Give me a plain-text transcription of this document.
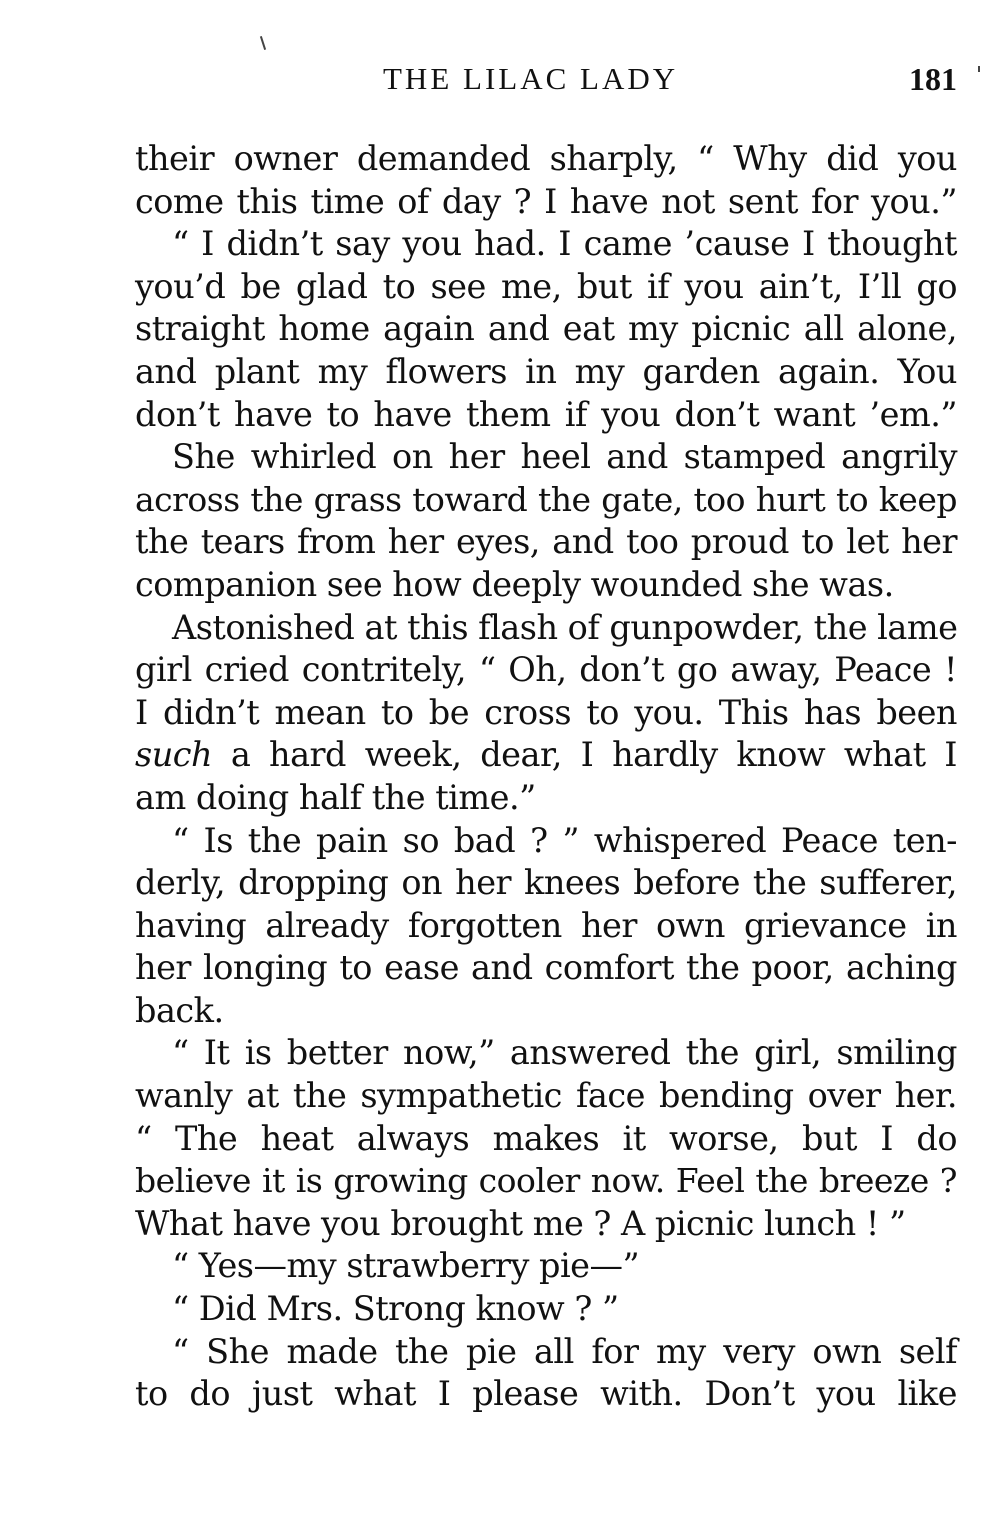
THE LILAC LADY	181
their owner demanded sharply, “ Why did you
come this time of day ? I have not sent for you.”
“ I didn’t say you had. I came ’cause I thought
you’d be glad to see me, but if you ain’t, I’ll go
straight home again and eat my picnic all alone,
and plant my flowers in my garden again. You
don’t have to have them if you don’t want ’em.”
She whirled on her heel and stamped angrily
across the grass toward the gate, too hurt to keep
the tears from her eyes, and too proud to let her
companion see how deeply wounded she was.
Astonished at this flash of gunpowder, the lame
girl cried contritely, “ Oh, don’t go away, Peace !
I didn’t mean to be cross to you. This has been
such a hard week, dear, I hardly know what I
am doing half the time.”
“ Is the pain so bad ? ” whispered Peace ten-
derly, dropping on her knees before the sufferer,
having already forgotten her own grievance in
her longing to ease and comfort the poor, aching
back.
“ It is better now,” answered the girl, smiling
wanly at the sympathetic face bending over her.
“ The heat always makes it worse, but I do
believe it is growing cooler now. Feel the breeze ?
What have you brought me ? A picnic lunch ! ”
“ Yes—my strawberry pie—”
“ Did Mrs. Strong know ? ”
“ She made the pie all for my very own self
to do just what I please with. Don’t you like
